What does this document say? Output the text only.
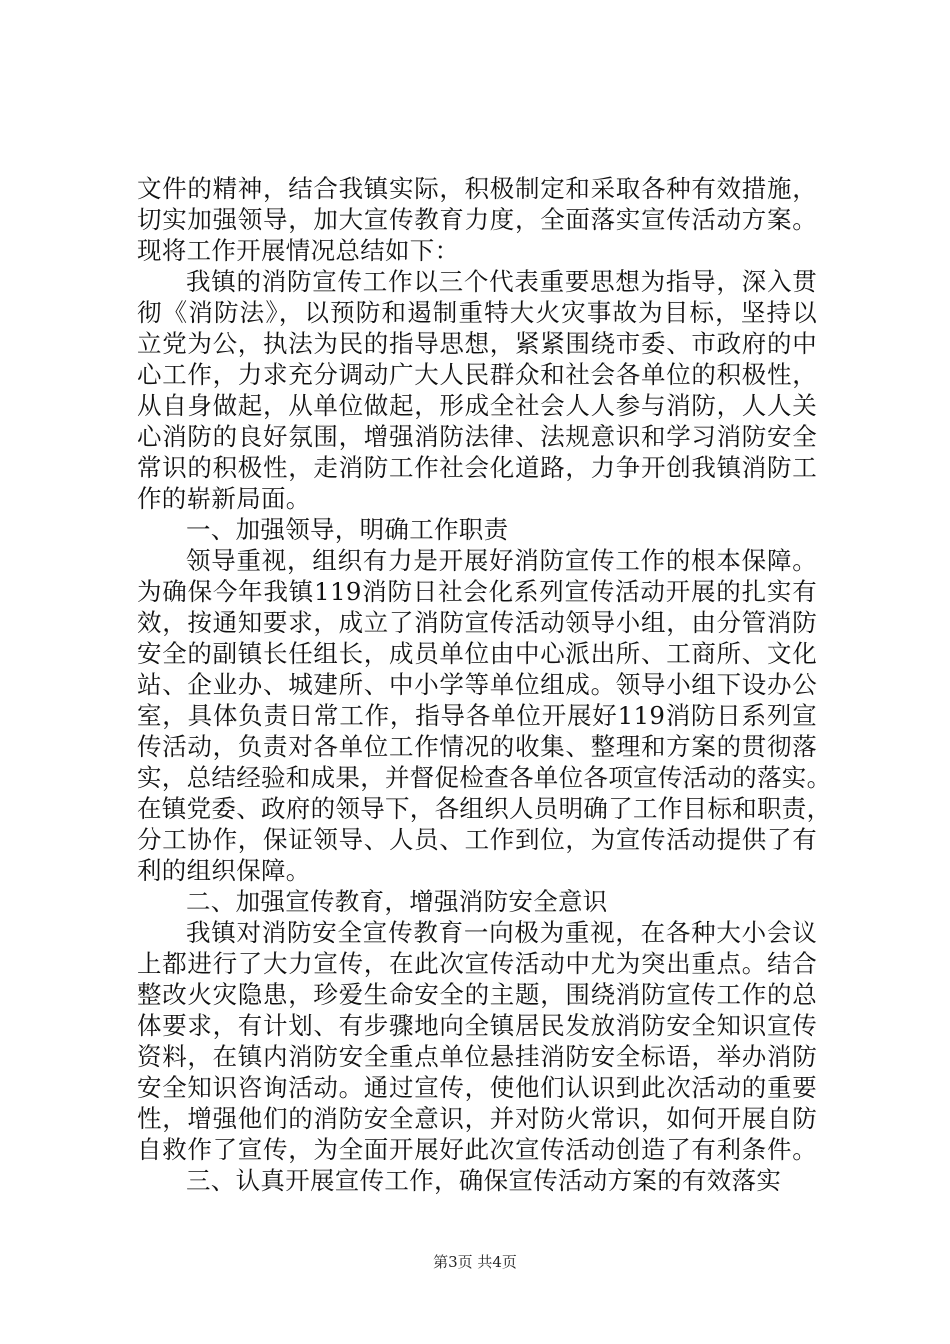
文件的精神，结合我镇实际，积极制定和采取各种有效措施，
切实加强领导，加大宣传教育力度，全面落实宣传活动方案。
现将工作开展情况总结如下：
我镇的消防宣传工作以三个代表重要思想为指导，深入贯
彻《消防法》，以预防和遏制重特大火灾事故为目标，坚持以
立党为公，执法为民的指导思想，紧紧围绕市委、市政府的中
心工作，力求充分调动广大人民群众和社会各单位的积极性，
从自身做起，从单位做起，形成全社会人人参与消防，人人关
心消防的良好氛围，增强消防法律、法规意识和学习消防安全
常识的积极性，走消防工作社会化道路，力争开创我镇消防工
作的崭新局面。
一、加强领导，明确工作职责
领导重视，组织有力是开展好消防宣传工作的根本保障。
为确保今年我镇119消防日社会化系列宣传活动开展的扎实有
效，按通知要求，成立了消防宣传活动领导小组，由分管消防
安全的副镇长任组长，成员单位由中心派出所、工商所、文化
站、企业办、城建所、中小学等单位组成。领导小组下设办公
室，具体负责日常工作，指导各单位开展好119消防日系列宣
传活动，负责对各单位工作情况的收集、整理和方案的贯彻落
实，总结经验和成果，并督促检查各单位各项宣传活动的落实。
在镇党委、政府的领导下，各组织人员明确了工作目标和职责，
分工协作，保证领导、人员、工作到位，为宣传活动提供了有
利的组织保障。
二、加强宣传教育，增强消防安全意识
我镇对消防安全宣传教育一向极为重视，在各种大小会议
上都进行了大力宣传，在此次宣传活动中尤为突出重点。结合
整改火灾隐患，珍爱生命安全的主题，围绕消防宣传工作的总
体要求，有计划、有步骤地向全镇居民发放消防安全知识宣传
资料，在镇内消防安全重点单位悬挂消防安全标语，举办消防
安全知识咨询活动。通过宣传，使他们认识到此次活动的重要
性，增强他们的消防安全意识，并对防火常识，如何开展自防
自救作了宣传，为全面开展好此次宣传活动创造了有利条件。
三、认真开展宣传工作，确保宣传活动方案的有效落实
第3页 共4页
